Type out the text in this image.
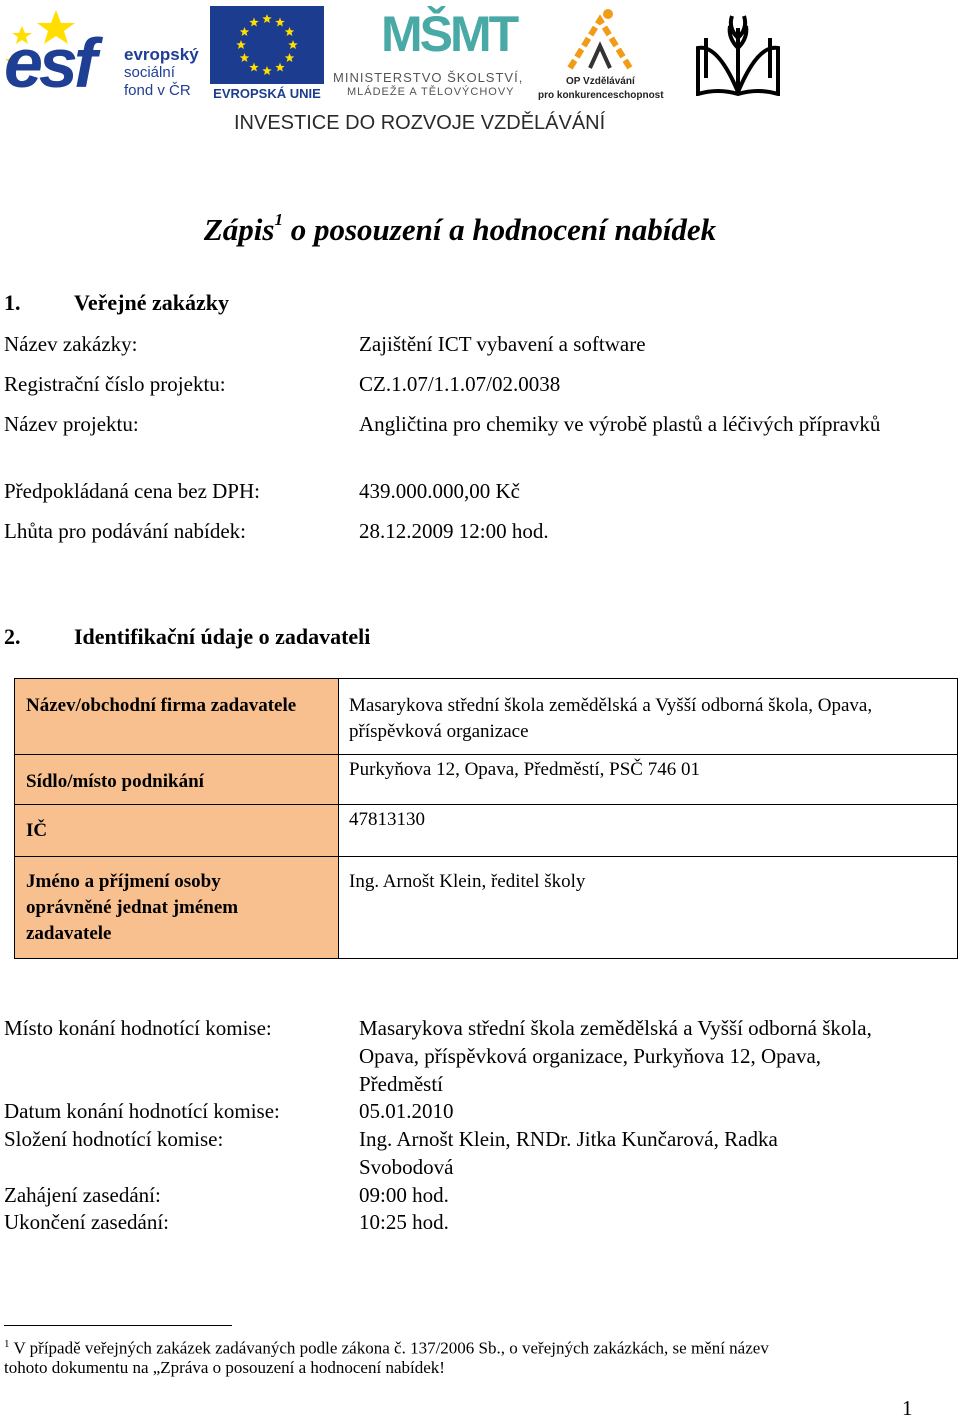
esf evropský
sociální
fond v ČR EVROPSKÁ UNIE
MŠMT
MINISTERSTVO ŠKOLSTVÍ,
MLÁDEŽE A TĚLOVÝCHOVY
OP Vzdělávání
pro konkurenceschopnost
INVESTICE DO ROZVOJE VZDĚLÁVÁNÍ
Zápis$^1$ o posouzení a hodnocení nabídek
1. Veřejné zakázky
Název zakázky:	Zajištění ICT vybavení a software
Registrační číslo projektu:	CZ.1.07/1.1.07/02.0038
Název projektu:	Angličtina pro chemiky ve výrobě plastů a léčivých přípravků
Předpokládaná cena bez DPH:	439.000.000,00 Kč
Lhůta pro podávání nabídek:	28.12.2009 12:00 hod.
2. Identifikační údaje o zadavateli
Název/obchodní firma zadavatele	Masarykova střední škola zemědělská a Vyšší odborná škola, Opava, příspěvková organizace
Sídlo/místo podnikání	Purkyňova 12, Opava, Předměstí, PSČ 746 01
IČ	47813130
Jméno a příjmení osoby oprávněné jednat jménem zadavatele	Ing. Arnošt Klein, ředitel školy
Místo konání hodnotící komise:	Masarykova střední škola zemědělská a Vyšší odborná škola, Opava, příspěvková organizace, Purkyňova 12, Opava, Předměstí
Datum konání hodnotící komise:	05.01.2010
Složení hodnotící komise:	Ing. Arnošt Klein, RNDr. Jitka Kunčarová, Radka Svobodová
Zahájení zasedání:	09:00 hod.
Ukončení zasedání:	10:25 hod.
$^1$ V případě veřejných zakázek zadávaných podle zákona č. 137/2006 Sb., o veřejných zakázkách, se mění název
tohoto dokumentu na „Zpráva o posouzení a hodnocení nabídek!
1
